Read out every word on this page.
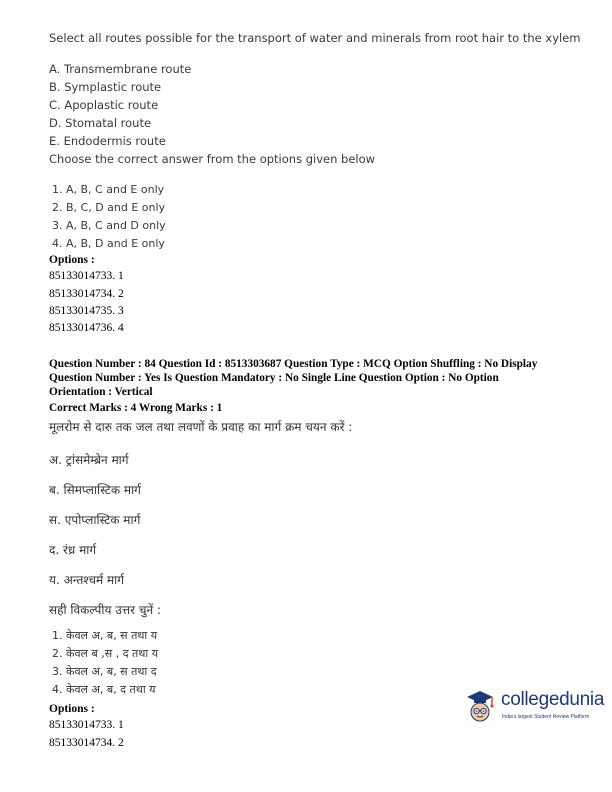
Select all routes possible for the transport of water and minerals from root hair to the xylem
A. Transmembrane route
B. Symplastic route
C. Apoplastic route
D. Stomatal route
E. Endodermis route
Choose the correct answer from the options given below
1. A, B, C and E only
2. B, C, D and E only
3. A, B, C and D only
4. A, B, D and E only
Options :
85133014733. 1
85133014734. 2
85133014735. 3
85133014736. 4
Question Number : 84 Question Id : 8513303687 Question Type : MCQ Option Shuffling : No Display
Question Number : Yes Is Question Mandatory : No Single Line Question Option : No Option
Orientation : Vertical
Correct Marks : 4 Wrong Marks : 1
मूलरोम से दारु तक जल तथा लवणों के प्रवाह का मार्ग क्रम चयन करें :
अ. ट्रांसमेम्ब्रेन मार्ग
ब. सिमप्लास्टिक मार्ग
स. एपोप्लास्टिक मार्ग
द. रंध्र मार्ग
य. अन्तश्चर्म मार्ग
सही विकल्पीय उत्तर चुनें :
1. केवल अ, ब, स तथा य
2. केवल ब ,स , द तथा य
3. केवल अ, ब, स तथा द
4. केवल अ, ब, द तथा य
Options :
85133014733. 1
85133014734. 2
collegedunia
India's largest Student Review Platform
